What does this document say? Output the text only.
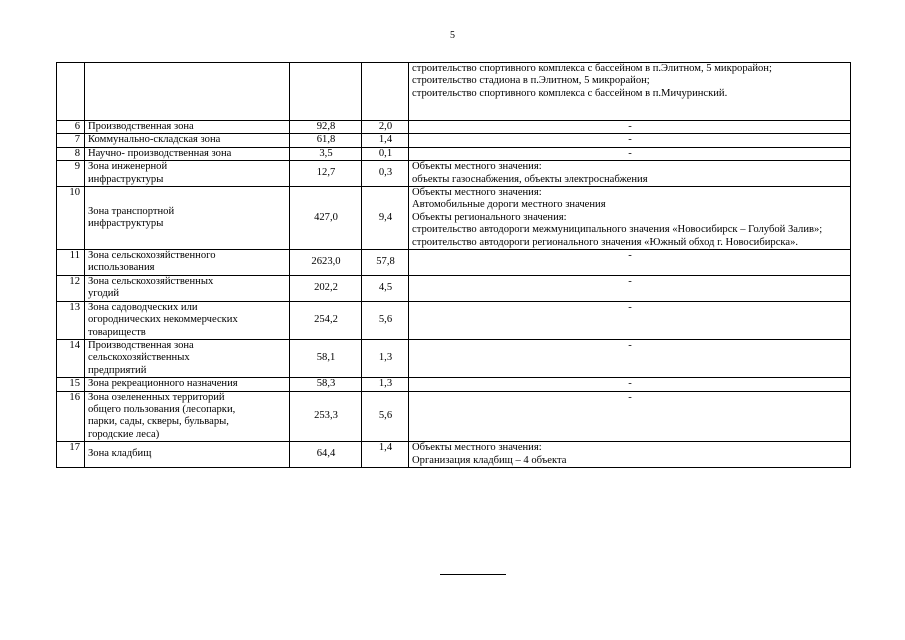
5

				строительство спортивного комплекса с бассейном в п.Элитном, 5 микрорайон;
строительство стадиона в п.Элитном, 5 микрорайон;
строительство спортивного комплекса с бассейном в п.Мичуринский.

6	Производственная зона	92,8	2,0	-
7	Коммунально-складская зона	61,8	1,4	-
8	Научно- производственная зона	3,5	0,1	-
9	Зона инженерной
инфраструктуры	12,7	0,3	Объекты местного значения:
объекты газоснабжения, объекты электроснабжения

10	Зона транспортной
инфраструктуры	427,0	9,4	Объекты местного значения:
Автомобильные дороги местного значения
Объекты регионального значения:
строительство автодороги межмуниципального значения «Новосибирск – Голубой Залив»;
строительство автодороги регионального значения «Южный обход г. Новосибирска».

11	Зона сельскохозяйственного
использования	2623,0	57,8	-
12	Зона сельскохозяйственных
угодий	202,2	4,5	-
13	Зона садоводческих или
огороднических некоммерческих
товариществ	254,2	5,6	-
14	Производственная зона
сельскохозяйственных
предприятий	58,1	1,3	-
15	Зона рекреационного назначения	58,3	1,3	-
16	Зона озелененных территорий
общего пользования (лесопарки,
парки, сады, скверы, бульвары,
городские леса)	253,3	5,6	-
17	Зона кладбищ	64,4	1,4	Объекты местного значения:
Организация кладбищ – 4 объекта
